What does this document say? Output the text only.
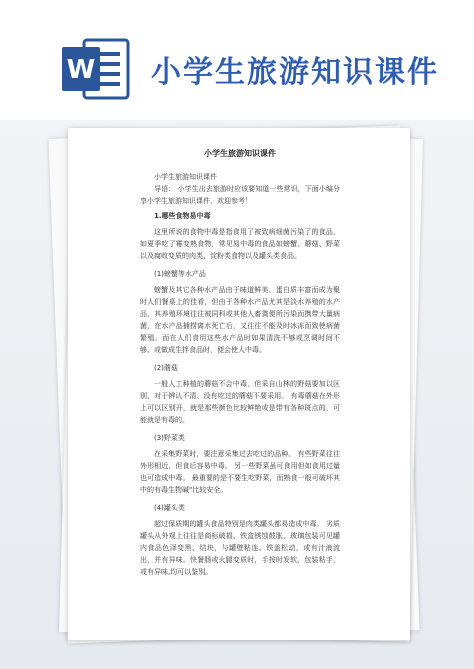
W 小学生旅游知识课件

小学生旅游知识课件

小学生旅游知识课件

导语： 小学生出去旅游时应该要知道一些常识，下面小编分享小学生旅游知识课件，欢迎参考！

1.哪些食物易中毒

这里所说的食物中毒是指食用了被致病细菌污染了的食品，如夏季吃了霉变熟食物，常见易中毒的食品如螃蟹、蘑菇、野菜以及腐败变质的肉类、淀粉类食物以及罐头类食品。

(1)螃蟹等水产品

螃蟹及其它各种水产品由于味道鲜美、蛋白质丰富而成为聚时人们餐桌上的佳肴，但由于各种水产品尤其是淡水养殖的水产品，其养殖环境往往被同科或其他人畜粪便所污染而携带大量病菌，在水产品捕捞离水死亡后，又往往不能及时冰冻而致使病菌繁殖，而在人们食用这些水产品时如果清洗不够或烹调时间不够、或做成生拌食品时，便会使人中毒。

(2)蘑菇

一般人工种植的蘑菇不会中毒，但采自山林的野菇要加以区别，对于辨认不清、没有吃过的蘑菇不要采用。 有毒蘑菇在外形上可以区别开，就是那些颜色比较鲜艳或是带有各种斑点的，可能就是有毒的。

(3)野菜类

在采集野菜时，要注意采集过去吃过的品种。 有些野菜往往外形相近，但食后容易中毒。 另一些野菜虽可食用但如食用过量也可造成中毒。 最重要的是不要生吃野菜，而熟食一般可破坏其中的有毒生物碱"比较安全。

(4)罐头类

超过保质期的罐头食品特别是肉类罐头都易造成中毒。 劣质罐头从外观上往往是商标破损、铁盒锈蚀鼓胀，玻璃包装可见罐内食品色泽变黑、结块，与罐壁粘连。铁盖松动，或有汁液流出，并有异味。快餐肠或火腿变质时，手按时发软，包装粘手，或有异味,均可以鉴别。
